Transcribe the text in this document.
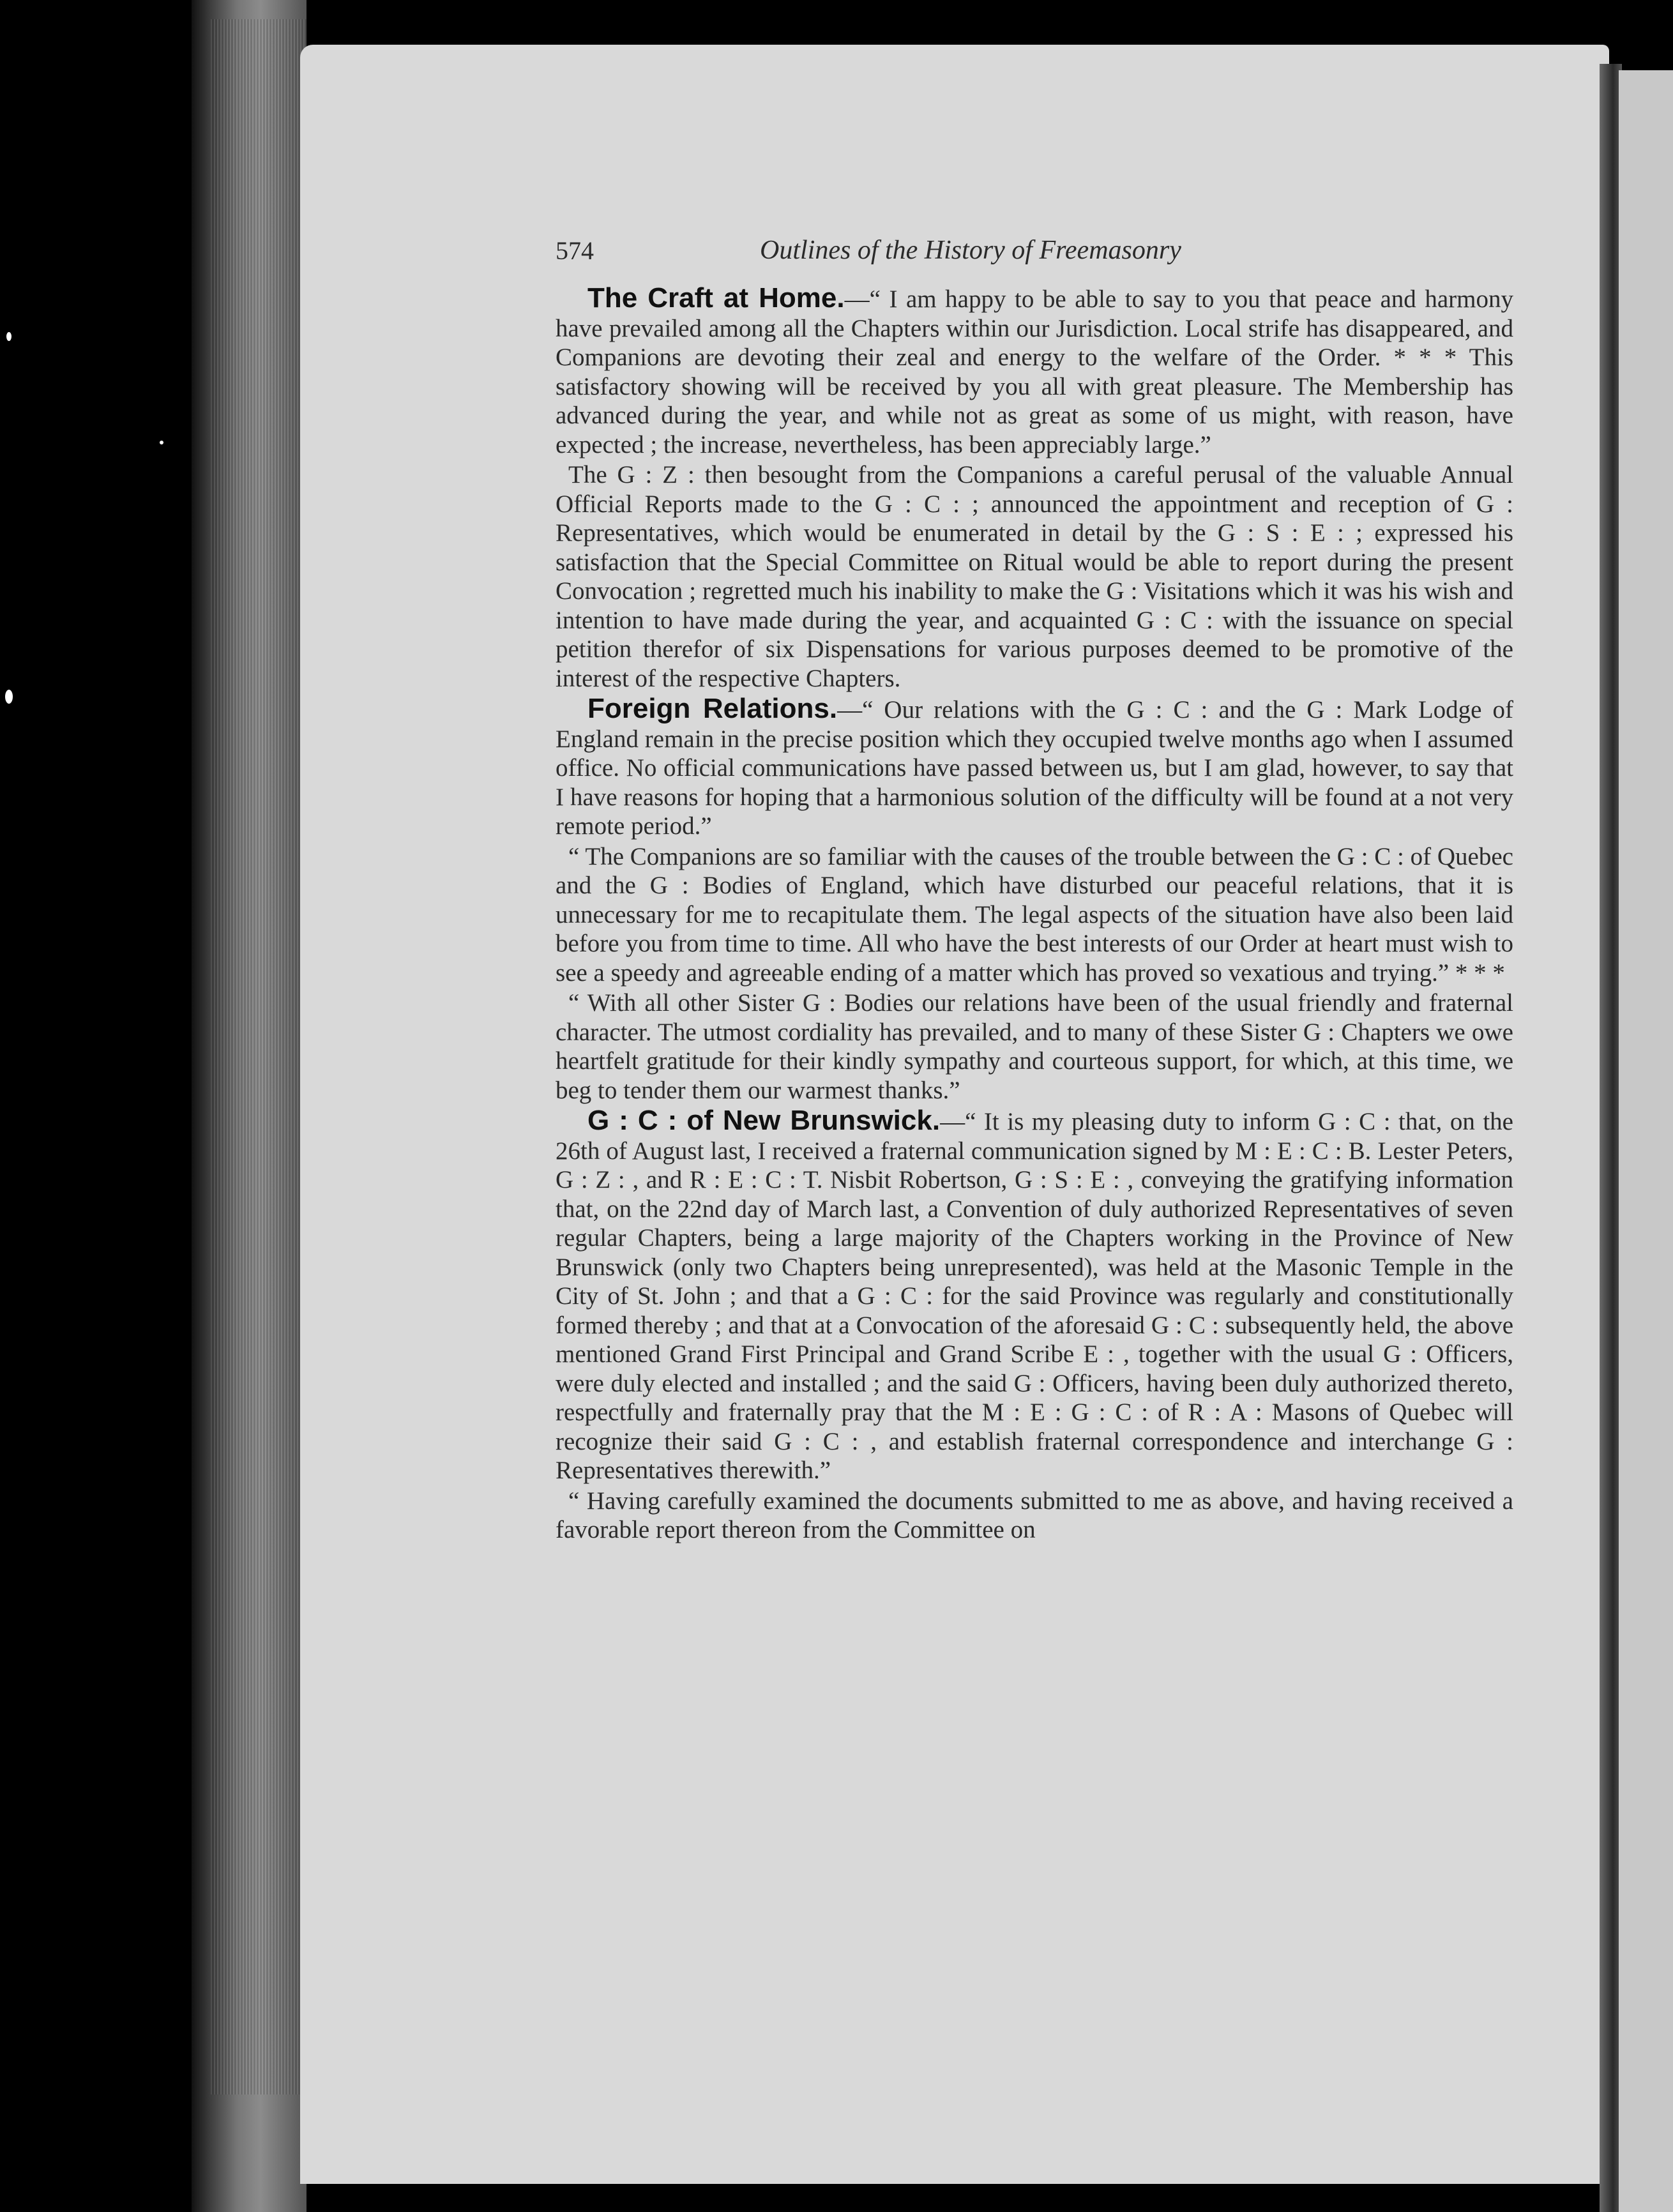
574	Outlines of the History of Freemasonry

The Craft at Home.—“ I am happy to be able to say to you that peace and harmony have prevailed among all the Chapters within our Jurisdiction. Local strife has disappeared, and Companions are devoting their zeal and energy to the welfare of the Order. * * * This satisfactory showing will be received by you all with great pleasure. The Membership has advanced during the year, and while not as great as some of us might, with reason, have expected ; the increase, nevertheless, has been appreciably large.”

The G : Z : then besought from the Companions a careful perusal of the valuable Annual Official Reports made to the G : C : ; announced the appointment and reception of G : Representatives, which would be enumerated in detail by the G : S : E : ; expressed his satisfaction that the Special Committee on Ritual would be able to report during the present Convocation ; regretted much his inability to make the G : Visitations which it was his wish and intention to have made during the year, and acquainted G : C : with the issuance on special petition therefor of six Dispensations for various purposes deemed to be promotive of the interest of the respective Chapters.

Foreign Relations.—“ Our relations with the G : C : and the G : Mark Lodge of England remain in the precise position which they occupied twelve months ago when I assumed office. No official communications have passed between us, but I am glad, however, to say that I have reasons for hoping that a harmonious solution of the difficulty will be found at a not very remote period.”

“ The Companions are so familiar with the causes of the trouble between the G : C : of Quebec and the G : Bodies of England, which have disturbed our peaceful relations, that it is unnecessary for me to recapitulate them. The legal aspects of the situation have also been laid before you from time to time. All who have the best interests of our Order at heart must wish to see a speedy and agreeable ending of a matter which has proved so vexatious and trying.” * * *

“ With all other Sister G : Bodies our relations have been of the usual friendly and fraternal character. The utmost cordiality has prevailed, and to many of these Sister G : Chapters we owe heartfelt gratitude for their kindly sympathy and courteous support, for which, at this time, we beg to tender them our warmest thanks.”

G : C : of New Brunswick.—“ It is my pleasing duty to inform G : C : that, on the 26th of August last, I received a fraternal communication signed by M : E : C : B. Lester Peters, G : Z : , and R : E : C : T. Nisbit Robertson, G : S : E : , conveying the gratifying information that, on the 22nd day of March last, a Convention of duly authorized Representatives of seven regular Chapters, being a large majority of the Chapters working in the Province of New Brunswick (only two Chapters being unrepresented), was held at the Masonic Temple in the City of St. John ; and that a G : C : for the said Province was regularly and constitutionally formed thereby ; and that at a Convocation of the aforesaid G : C : subsequently held, the above mentioned Grand First Principal and Grand Scribe E : , together with the usual G : Officers, were duly elected and installed ; and the said G : Officers, having been duly authorized thereto, respectfully and fraternally pray that the M : E : G : C : of R : A : Masons of Quebec will recognize their said G : C : , and establish fraternal correspondence and interchange G : Representatives therewith.”

“ Having carefully examined the documents submitted to me as above, and having received a favorable report thereon from the Committee on
